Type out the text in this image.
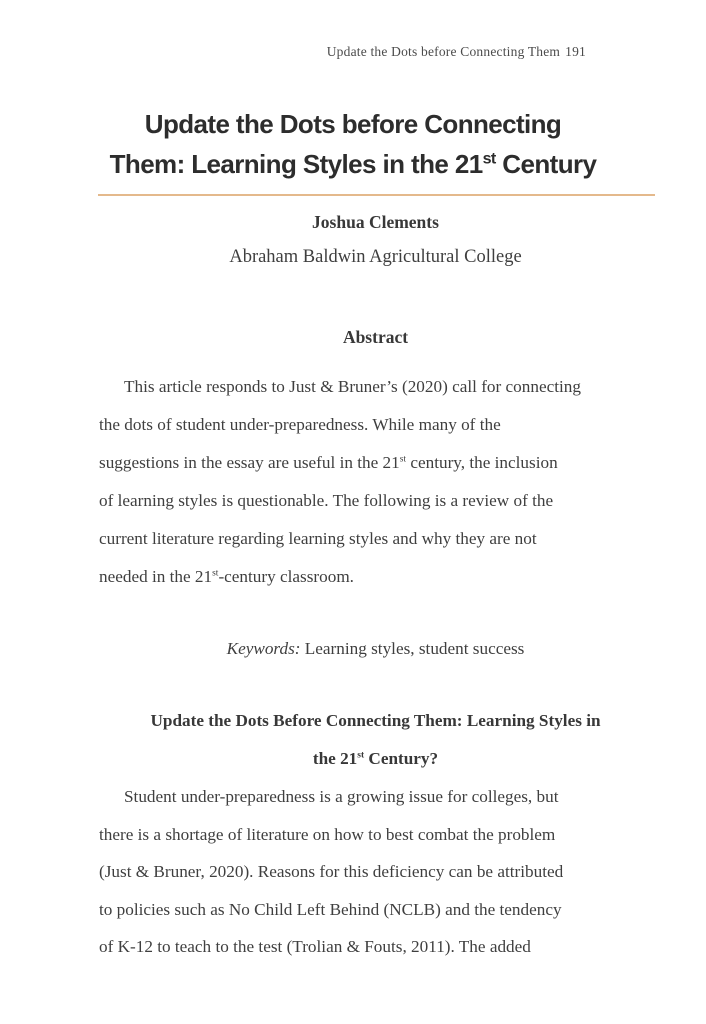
Update the Dots before Connecting Them 191
Update the Dots before Connecting
Them: Learning Styles in the 21st Century
Joshua Clements
Abraham Baldwin Agricultural College
Abstract
This article responds to Just & Bruner’s (2020) call for connecting
the dots of student under-preparedness. While many of the
suggestions in the essay are useful in the 21st century, the inclusion
of learning styles is questionable. The following is a review of the
current literature regarding learning styles and why they are not
needed in the 21st-century classroom.
Keywords: Learning styles, student success
Update the Dots Before Connecting Them: Learning Styles in
the 21st Century?
Student under-preparedness is a growing issue for colleges, but
there is a shortage of literature on how to best combat the problem
(Just & Bruner, 2020). Reasons for this deficiency can be attributed
to policies such as No Child Left Behind (NCLB) and the tendency
of K-12 to teach to the test (Trolian & Fouts, 2011). The added
